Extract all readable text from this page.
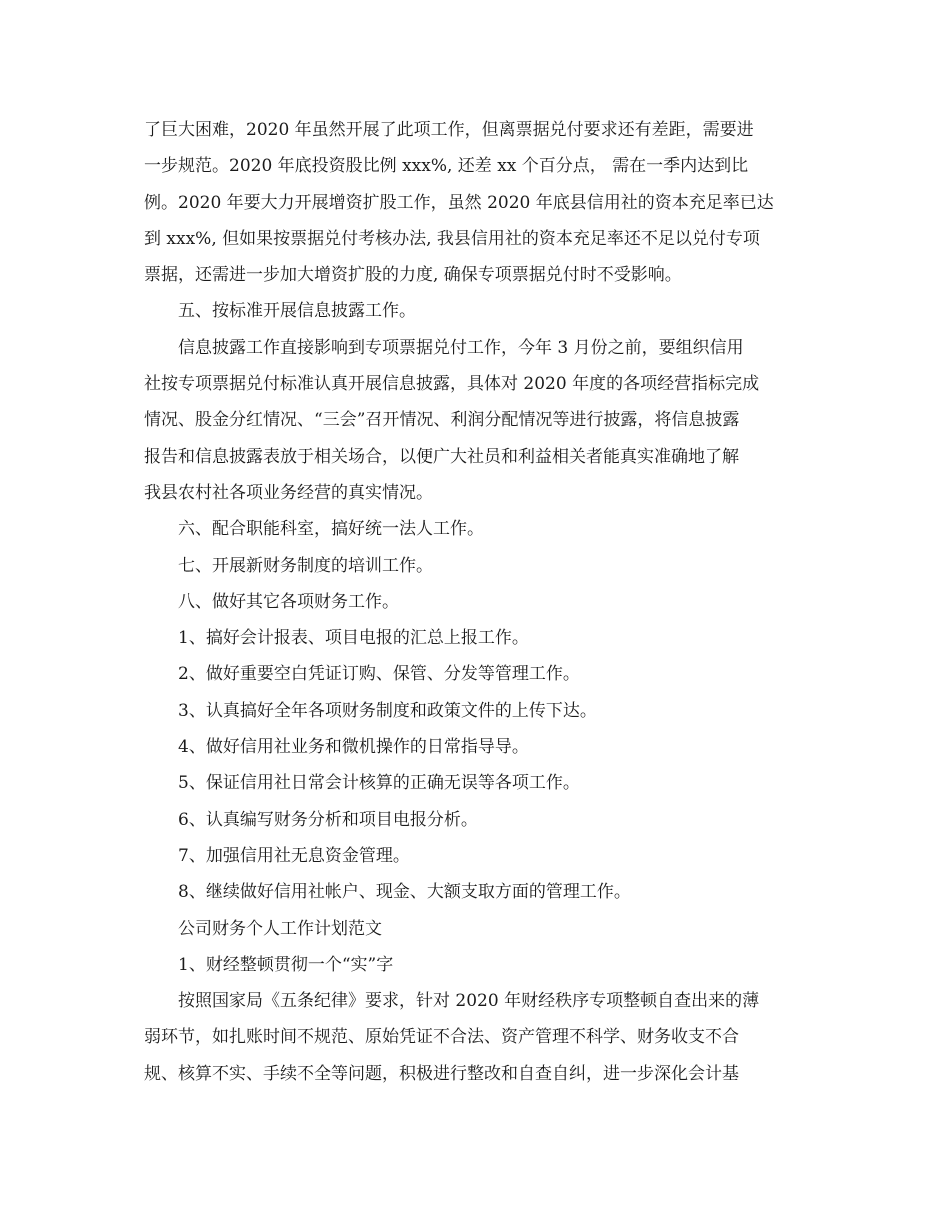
了巨大困难，2020 年虽然开展了此项工作，但离票据兑付要求还有差距，需要进
一步规范。2020 年底投资股比例 xxx%, 还差 xx 个百分点， 需在一季内达到比
例。2020 年要大力开展增资扩股工作，虽然 2020 年底县信用社的资本充足率已达
到 xxx%, 但如果按票据兑付考核办法, 我县信用社的资本充足率还不足以兑付专项
票据，还需进一步加大增资扩股的力度, 确保专项票据兑付时不受影响。
五、按标准开展信息披露工作。
信息披露工作直接影响到专项票据兑付工作，今年 3 月份之前，要组织信用
社按专项票据兑付标准认真开展信息披露，具体对 2020 年度的各项经营指标完成
情况、股金分红情况、“三会”召开情况、利润分配情况等进行披露，将信息披露
报告和信息披露表放于相关场合，以便广大社员和利益相关者能真实准确地了解
我县农村社各项业务经营的真实情况。
六、配合职能科室，搞好统一法人工作。
七、开展新财务制度的培训工作。
八、做好其它各项财务工作。
1、搞好会计报表、项目电报的汇总上报工作。
2、做好重要空白凭证订购、保管、分发等管理工作。
3、认真搞好全年各项财务制度和政策文件的上传下达。
4、做好信用社业务和微机操作的日常指导导。
5、保证信用社日常会计核算的正确无误等各项工作。
6、认真编写财务分析和项目电报分析。
7、加强信用社无息资金管理。
8、继续做好信用社帐户、现金、大额支取方面的管理工作。
公司财务个人工作计划范文
1、财经整顿贯彻一个“实”字
按照国家局《五条纪律》要求，针对 2020 年财经秩序专项整顿自查出来的薄
弱环节，如扎账时间不规范、原始凭证不合法、资产管理不科学、财务收支不合
规、核算不实、手续不全等问题，积极进行整改和自查自纠，进一步深化会计基
